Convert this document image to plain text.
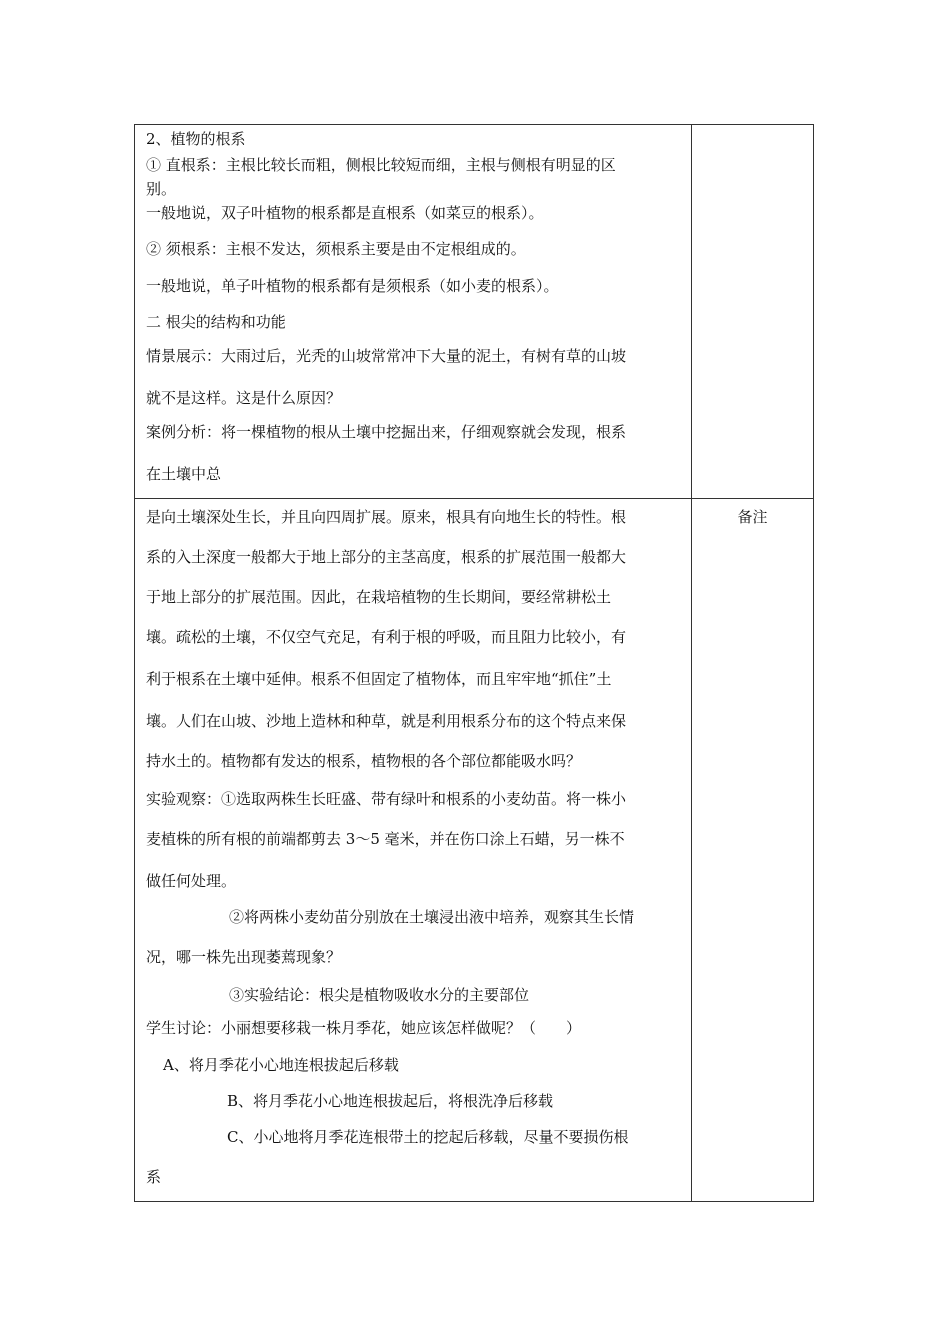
2、植物的根系
① 直根系：主根比较长而粗，侧根比较短而细，主根与侧根有明显的区
别。
一般地说，双子叶植物的根系都是直根系（如菜豆的根系）。
② 须根系：主根不发达，须根系主要是由不定根组成的。
一般地说，单子叶植物的根系都有是须根系（如小麦的根系）。
二 根尖的结构和功能
情景展示：大雨过后，光秃的山坡常常冲下大量的泥土，有树有草的山坡
就不是这样。这是什么原因？
案例分析：将一棵植物的根从土壤中挖掘出来，仔细观察就会发现，根系
在土壤中总
备注
是向土壤深处生长，并且向四周扩展。原来，根具有向地生长的特性。根
系的入土深度一般都大于地上部分的主茎高度，根系的扩展范围一般都大
于地上部分的扩展范围。因此，在栽培植物的生长期间，要经常耕松土
壤。疏松的土壤，不仅空气充足，有利于根的呼吸，而且阻力比较小，有
利于根系在土壤中延伸。根系不但固定了植物体，而且牢牢地“抓住”土
壤。人们在山坡、沙地上造林和种草，就是利用根系分布的这个特点来保
持水土的。植物都有发达的根系，植物根的各个部位都能吸水吗？
实验观察：①选取两株生长旺盛、带有绿叶和根系的小麦幼苗。将一株小
麦植株的所有根的前端都剪去 3～5 毫米，并在伤口涂上石蜡，另一株不
做任何处理。
②将两株小麦幼苗分别放在土壤浸出液中培养，观察其生长情
况，哪一株先出现萎蔫现象？
③实验结论：根尖是植物吸收水分的主要部位
学生讨论：小丽想要移栽一株月季花，她应该怎样做呢？（　　）
A、将月季花小心地连根拔起后移载
B、将月季花小心地连根拔起后，将根洗净后移载
C、小心地将月季花连根带土的挖起后移载，尽量不要损伤根
系
